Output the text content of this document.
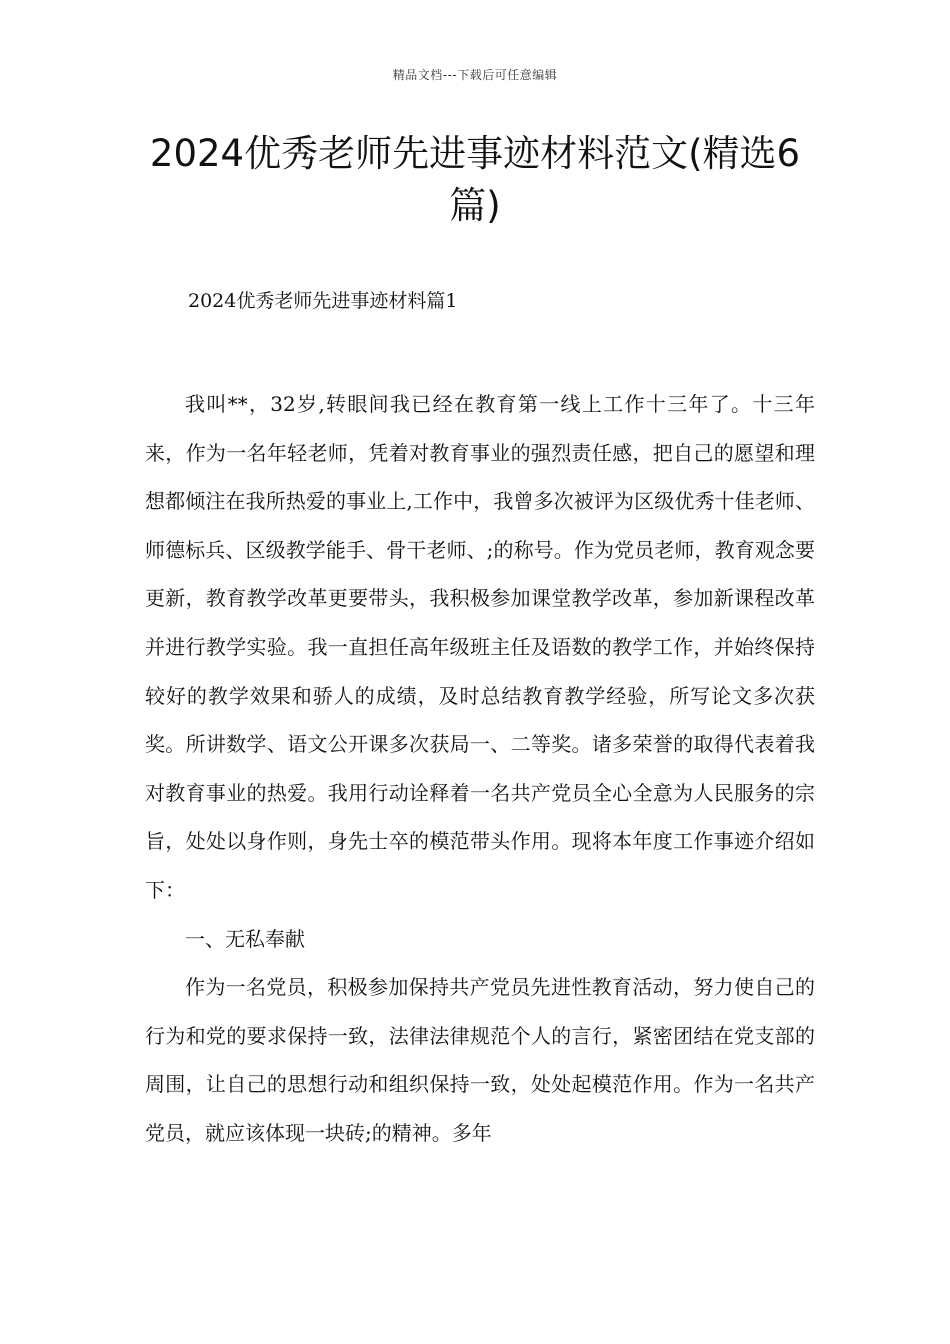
精品文档---下载后可任意编辑
2024优秀老师先进事迹材料范文(精选6篇)
2024优秀老师先进事迹材料篇1

我叫**，32岁,转眼间我已经在教育第一线上工作十三年了。十三年来，作为一名年轻老师，凭着对教育事业的强烈责任感，把自己的愿望和理想都倾注在我所热爱的事业上,工作中，我曾多次被评为区级优秀十佳老师、师德标兵、区级教学能手、骨干老师、;的称号。作为党员老师，教育观念要更新，教育教学改革更要带头，我积极参加课堂教学改革，参加新课程改革并进行教学实验。我一直担任高年级班主任及语数的教学工作，并始终保持较好的教学效果和骄人的成绩，及时总结教育教学经验，所写论文多次获奖。所讲数学、语文公开课多次获局一、二等奖。诸多荣誉的取得代表着我对教育事业的热爱。我用行动诠释着一名共产党员全心全意为人民服务的宗旨，处处以身作则，身先士卒的模范带头作用。现将本年度工作事迹介绍如下：

一、无私奉献

作为一名党员，积极参加保持共产党员先进性教育活动，努力使自己的行为和党的要求保持一致，法律法律规范个人的言行，紧密团结在党支部的周围，让自己的思想行动和组织保持一致，处处起模范作用。作为一名共产党员，就应该体现一块砖;的精神。多年
